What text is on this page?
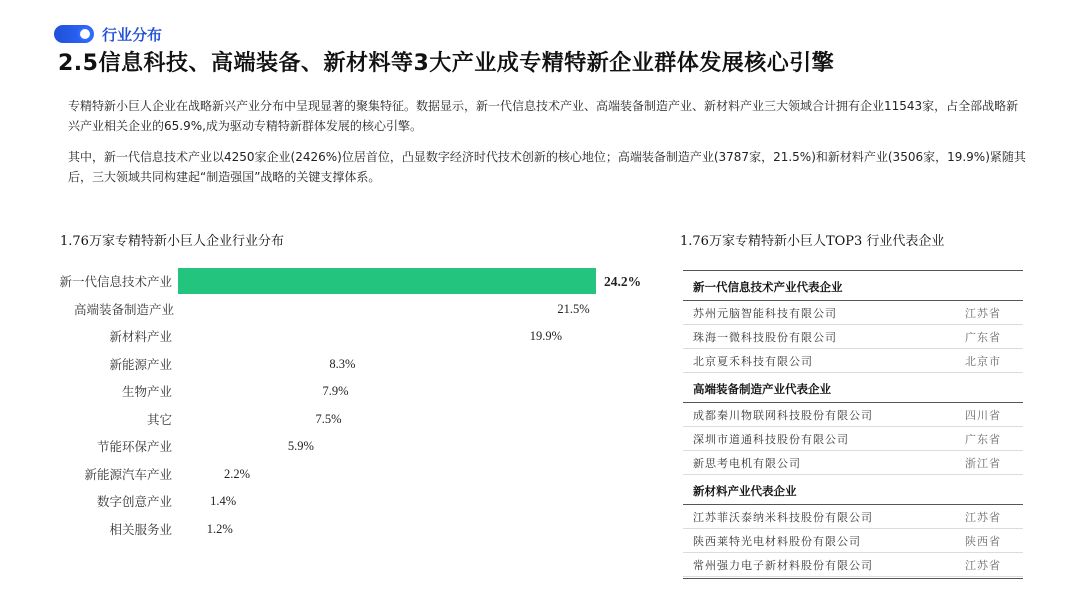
行业分布
2.5信息科技、高端装备、新材料等3大产业成专精特新企业群体发展核心引擎

专精特新小巨人企业在战略新兴产业分布中呈现显著的聚集特征。数据显示，新一代信息技术产业、高端装备制造产业、新材料产业三大领域合计拥有企业11543家，占全部战略新兴产业相关企业的65.9%,成为驱动专精特新群体发展的核心引擎。

其中，新一代信息技术产业以4250家企业(2426%)位居首位，凸显数字经济时代技术创新的核心地位；高端装备制造产业(3787家，21.5%)和新材料产业(3506家，19.9%)紧随其后，三大领域共同构建起“制造强国”战略的关键支撑体系。

1.76万家专精特新小巨人企业行业分布
新一代信息技术产业	24.2%
高端装备制造产业	21.5%
新材料产业	19.9%
新能源产业	8.3%
生物产业	7.9%
其它	7.5%
节能环保产业	5.9%
新能源汽车产业	2.2%
数字创意产业	1.4%
相关服务业	1.2%
1.76万家专精特新小巨人TOP3 行业代表企业
新一代信息技术产业代表企业
苏州元脑智能科技有限公司	江苏省
珠海一微科技股份有限公司	广东省
北京夏禾科技有限公司	北京市
高端装备制造产业代表企业
成都秦川物联网科技股份有限公司	四川省
深圳市道通科技股份有限公司	广东省
新思考电机有限公司	浙江省
新材料产业代表企业
江苏菲沃泰纳米科技股份有限公司	江苏省
陕西莱特光电材料股份有限公司	陕西省
常州强力电子新材料股份有限公司	江苏省
